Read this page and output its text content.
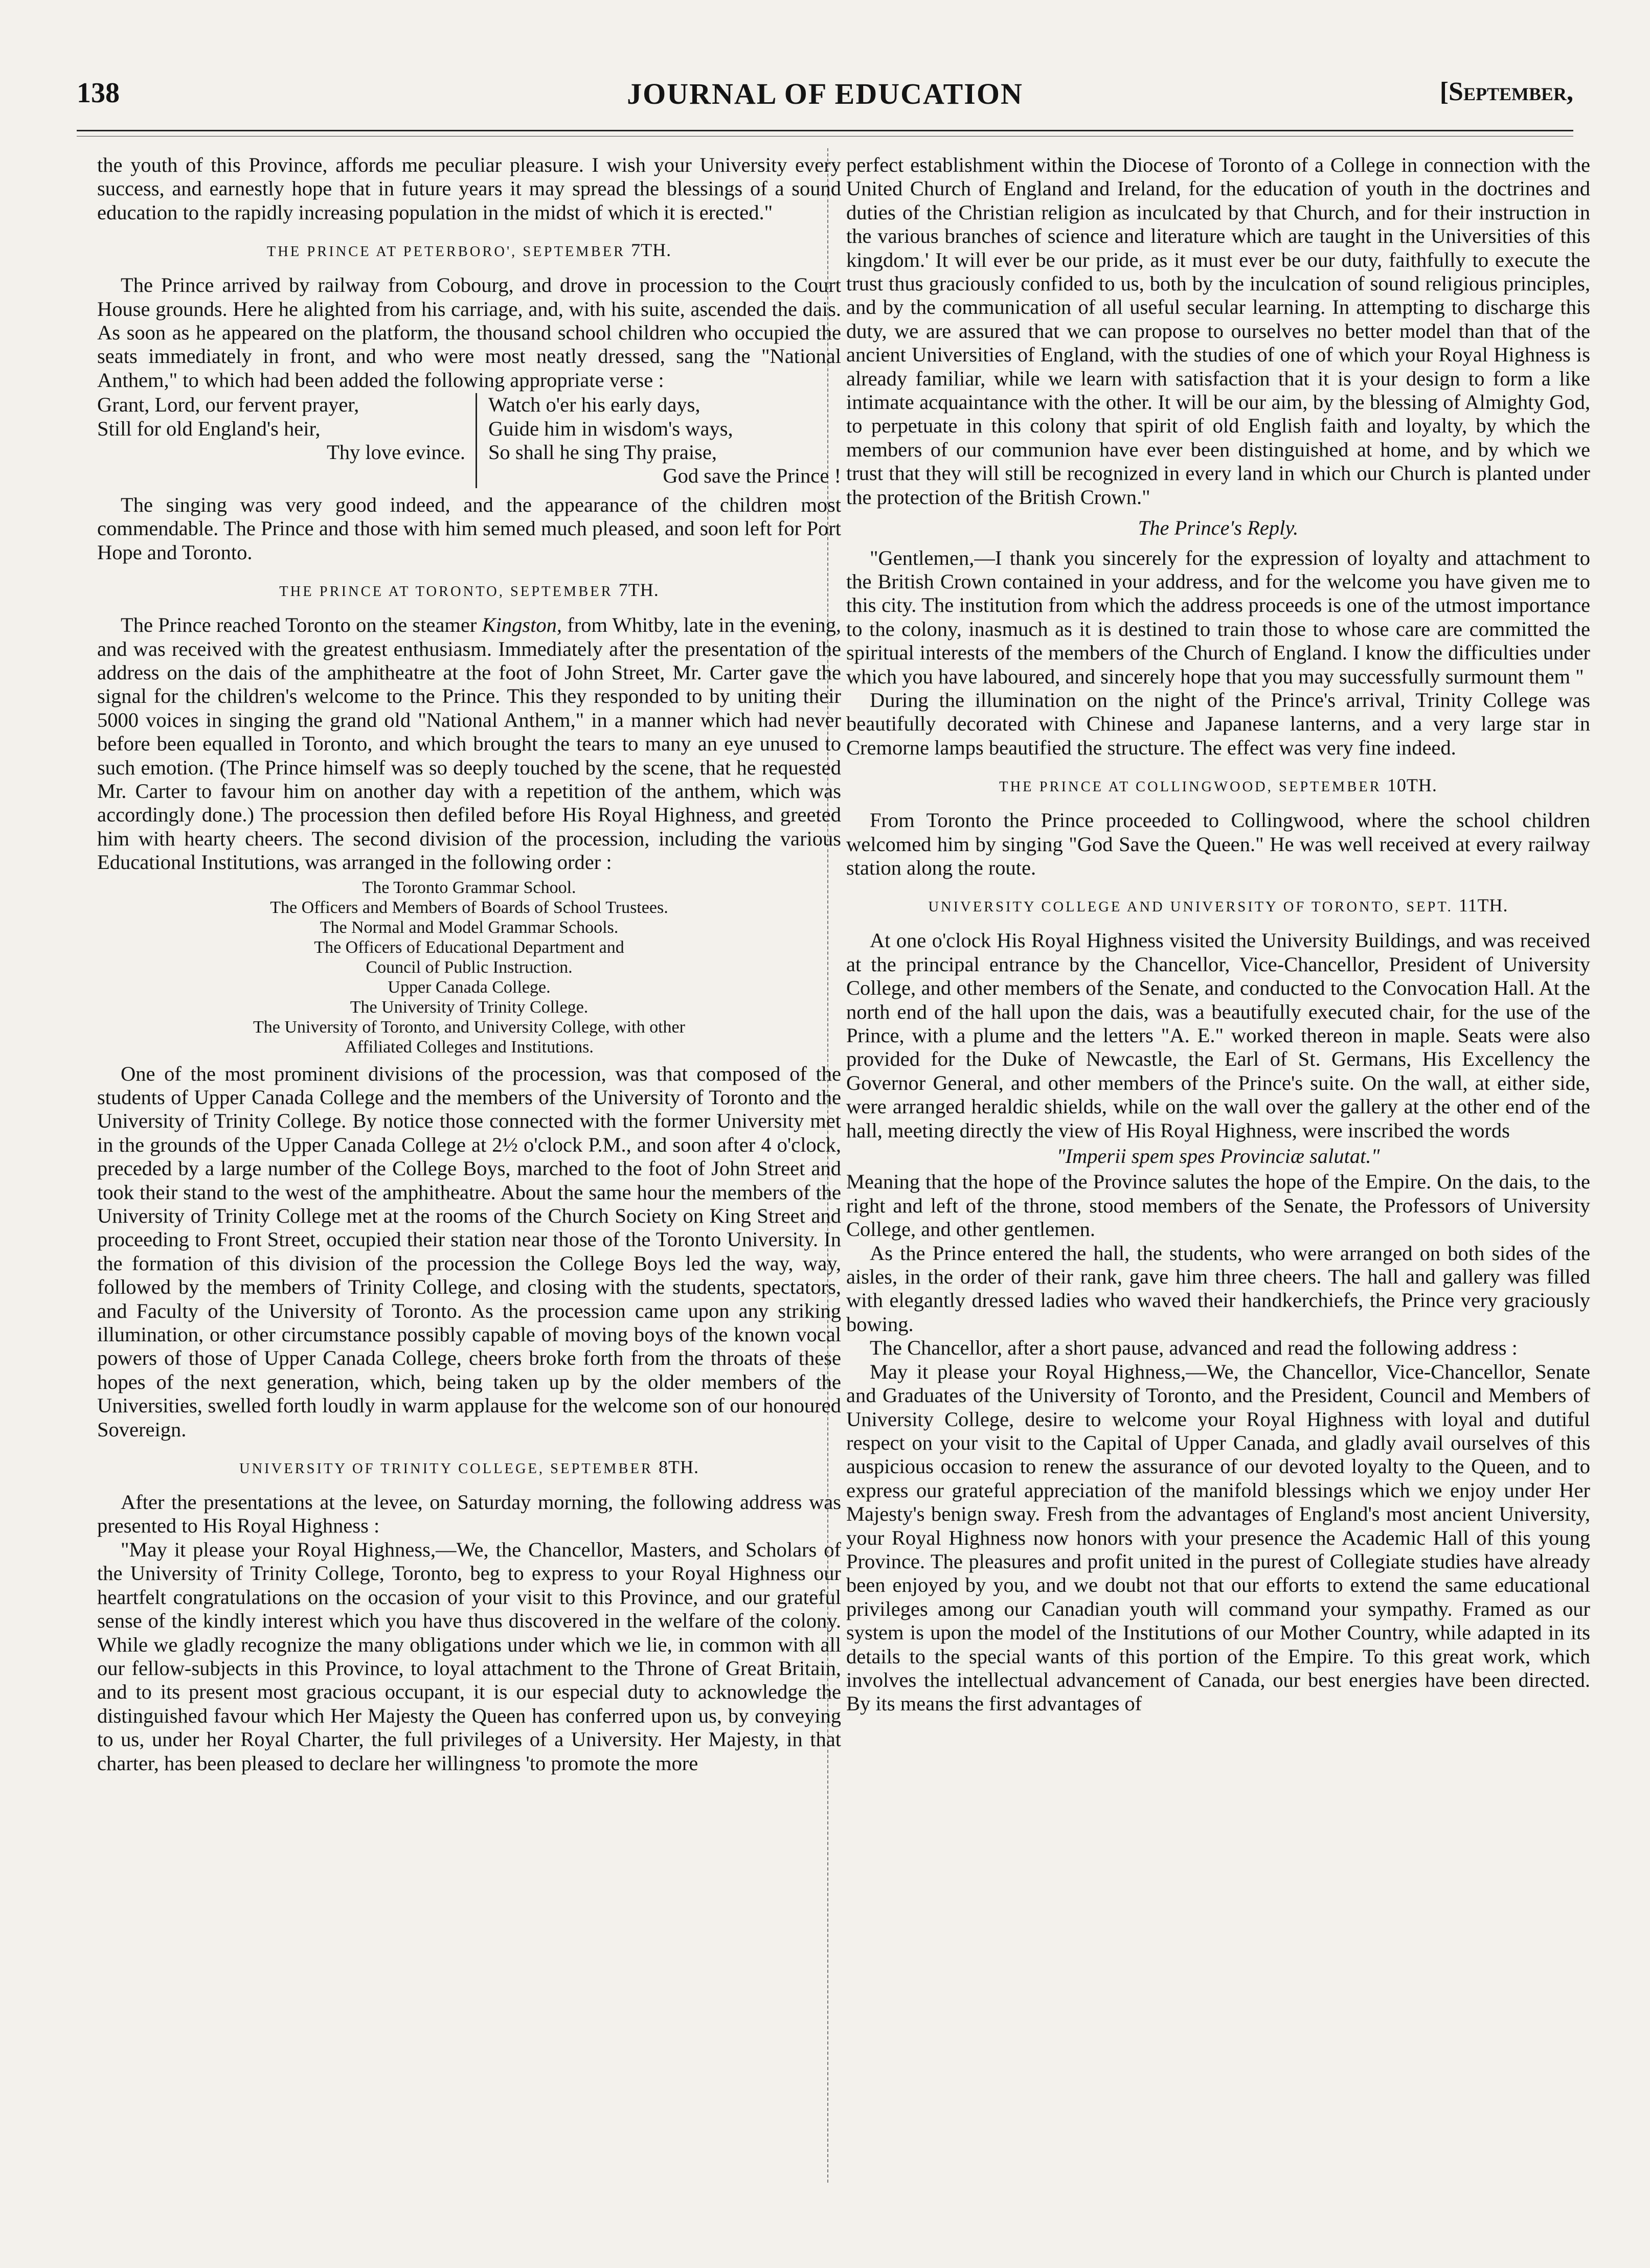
138	JOURNAL OF EDUCATION	[September,

the youth of this Province, affords me peculiar pleasure. I wish your University every success, and earnestly hope that in future years it may spread the blessings of a sound education to the rapidly increasing population in the midst of which it is erected."

THE PRINCE AT PETERBORO', SEPTEMBER 7TH.

The Prince arrived by railway from Cobourg, and drove in procession to the Court House grounds. Here he alighted from his carriage, and, with his suite, ascended the dais. As soon as he appeared on the platform, the thousand school children who occupied the seats immediately in front, and who were most neatly dressed, sang the "National Anthem," to which had been added the following appropriate verse :

Grant, Lord, our fervent prayer,
Still for old England's heir,
Thy love evince.
Watch o'er his early days,
Guide him in wisdom's ways,
So shall he sing Thy praise,
God save the Prince !

The singing was very good indeed, and the appearance of the children most commendable. The Prince and those with him semed much pleased, and soon left for Port Hope and Toronto.

THE PRINCE AT TORONTO, SEPTEMBER 7TH.

The Prince reached Toronto on the steamer Kingston, from Whitby, late in the evening, and was received with the greatest enthusiasm. Immediately after the presentation of the address on the dais of the amphitheatre at the foot of John Street, Mr. Carter gave the signal for the children's welcome to the Prince. This they responded to by uniting their 5000 voices in singing the grand old "National Anthem," in a manner which had never before been equalled in Toronto, and which brought the tears to many an eye unused to such emotion. (The Prince himself was so deeply touched by the scene, that he requested Mr. Carter to favour him on another day with a repetition of the anthem, which was accordingly done.) The procession then defiled before His Royal Highness, and greeted him with hearty cheers. The second division of the procession, including the various Educational Institutions, was arranged in the following order :

The Toronto Grammar School.
The Officers and Members of Boards of School Trustees.
The Normal and Model Grammar Schools.
The Officers of Educational Department and
Council of Public Instruction.
Upper Canada College.
The University of Trinity College.
The University of Toronto, and University College, with other
Affiliated Colleges and Institutions.

One of the most prominent divisions of the procession, was that composed of the students of Upper Canada College and the members of the University of Toronto and the University of Trinity College. By notice those connected with the former University met in the grounds of the Upper Canada College at 2½ o'clock P.M., and soon after 4 o'clock, preceded by a large number of the College Boys, marched to the foot of John Street and took their stand to the west of the amphitheatre. About the same hour the members of the University of Trinity College met at the rooms of the Church Society on King Street and proceeding to Front Street, occupied their station near those of the Toronto University. In the formation of this division of the procession the College Boys led the way, way, followed by the members of Trinity College, and closing with the students, spectators, and Faculty of the University of Toronto. As the procession came upon any striking illumination, or other circumstance possibly capable of moving boys of the known vocal powers of those of Upper Canada College, cheers broke forth from the throats of these hopes of the next generation, which, being taken up by the older members of the Universities, swelled forth loudly in warm applause for the welcome son of our honoured Sovereign.

UNIVERSITY OF TRINITY COLLEGE, SEPTEMBER 8TH.

After the presentations at the levee, on Saturday morning, the following address was presented to His Royal Highness :

"May it please your Royal Highness,—We, the Chancellor, Masters, and Scholars of the University of Trinity College, Toronto, beg to express to your Royal Highness our heartfelt congratulations on the occasion of your visit to this Province, and our grateful sense of the kindly interest which you have thus discovered in the welfare of the colony. While we gladly recognize the many obligations under which we lie, in common with all our fellow-subjects in this Province, to loyal attachment to the Throne of Great Britain, and to its present most gracious occupant, it is our especial duty to acknowledge the distinguished favour which Her Majesty the Queen has conferred upon us, by conveying to us, under her Royal Charter, the full privileges of a University. Her Majesty, in that charter, has been pleased to declare her willingness 'to promote the more

perfect establishment within the Diocese of Toronto of a College in connection with the United Church of England and Ireland, for the education of youth in the doctrines and duties of the Christian religion as inculcated by that Church, and for their instruction in the various branches of science and literature which are taught in the Universities of this kingdom.' It will ever be our pride, as it must ever be our duty, faithfully to execute the trust thus graciously confided to us, both by the inculcation of sound religious principles, and by the communication of all useful secular learning. In attempting to discharge this duty, we are assured that we can propose to ourselves no better model than that of the ancient Universities of England, with the studies of one of which your Royal Highness is already familiar, while we learn with satisfaction that it is your design to form a like intimate acquaintance with the other. It will be our aim, by the blessing of Almighty God, to perpetuate in this colony that spirit of old English faith and loyalty, by which the members of our communion have ever been distinguished at home, and by which we trust that they will still be recognized in every land in which our Church is planted under the protection of the British Crown."

The Prince's Reply.

"Gentlemen,—I thank you sincerely for the expression of loyalty and attachment to the British Crown contained in your address, and for the welcome you have given me to this city. The institution from which the address proceeds is one of the utmost importance to the colony, inasmuch as it is destined to train those to whose care are committed the spiritual interests of the members of the Church of England. I know the difficulties under which you have laboured, and sincerely hope that you may successfully surmount them "

During the illumination on the night of the Prince's arrival, Trinity College was beautifully decorated with Chinese and Japanese lanterns, and a very large star in Cremorne lamps beautified the structure. The effect was very fine indeed.

THE PRINCE AT COLLINGWOOD, SEPTEMBER 10TH.

From Toronto the Prince proceeded to Collingwood, where the school children welcomed him by singing "God Save the Queen." He was well received at every railway station along the route.

UNIVERSITY COLLEGE AND UNIVERSITY OF TORONTO, SEPT. 11TH.

At one o'clock His Royal Highness visited the University Buildings, and was received at the principal entrance by the Chancellor, Vice-Chancellor, President of University College, and other members of the Senate, and conducted to the Convocation Hall. At the north end of the hall upon the dais, was a beautifully executed chair, for the use of the Prince, with a plume and the letters "A. E." worked thereon in maple. Seats were also provided for the Duke of Newcastle, the Earl of St. Germans, His Excellency the Governor General, and other members of the Prince's suite. On the wall, at either side, were arranged heraldic shields, while on the wall over the gallery at the other end of the hall, meeting directly the view of His Royal Highness, were inscribed the words

"Imperii spem spes Provinciæ salutat."

Meaning that the hope of the Province salutes the hope of the Empire. On the dais, to the right and left of the throne, stood members of the Senate, the Professors of University College, and other gentlemen.

As the Prince entered the hall, the students, who were arranged on both sides of the aisles, in the order of their rank, gave him three cheers. The hall and gallery was filled with elegantly dressed ladies who waved their handkerchiefs, the Prince very graciously bowing.

The Chancellor, after a short pause, advanced and read the following address :

May it please your Royal Highness,—We, the Chancellor, Vice-Chancellor, Senate and Graduates of the University of Toronto, and the President, Council and Members of University College, desire to welcome your Royal Highness with loyal and dutiful respect on your visit to the Capital of Upper Canada, and gladly avail ourselves of this auspicious occasion to renew the assurance of our devoted loyalty to the Queen, and to express our grateful appreciation of the manifold blessings which we enjoy under Her Majesty's benign sway. Fresh from the advantages of England's most ancient University, your Royal Highness now honors with your presence the Academic Hall of this young Province. The pleasures and profit united in the purest of Collegiate studies have already been enjoyed by you, and we doubt not that our efforts to extend the same educational privileges among our Canadian youth will command your sympathy. Framed as our system is upon the model of the Institutions of our Mother Country, while adapted in its details to the special wants of this portion of the Empire. To this great work, which involves the intellectual advancement of Canada, our best energies have been directed. By its means the first advantages of
